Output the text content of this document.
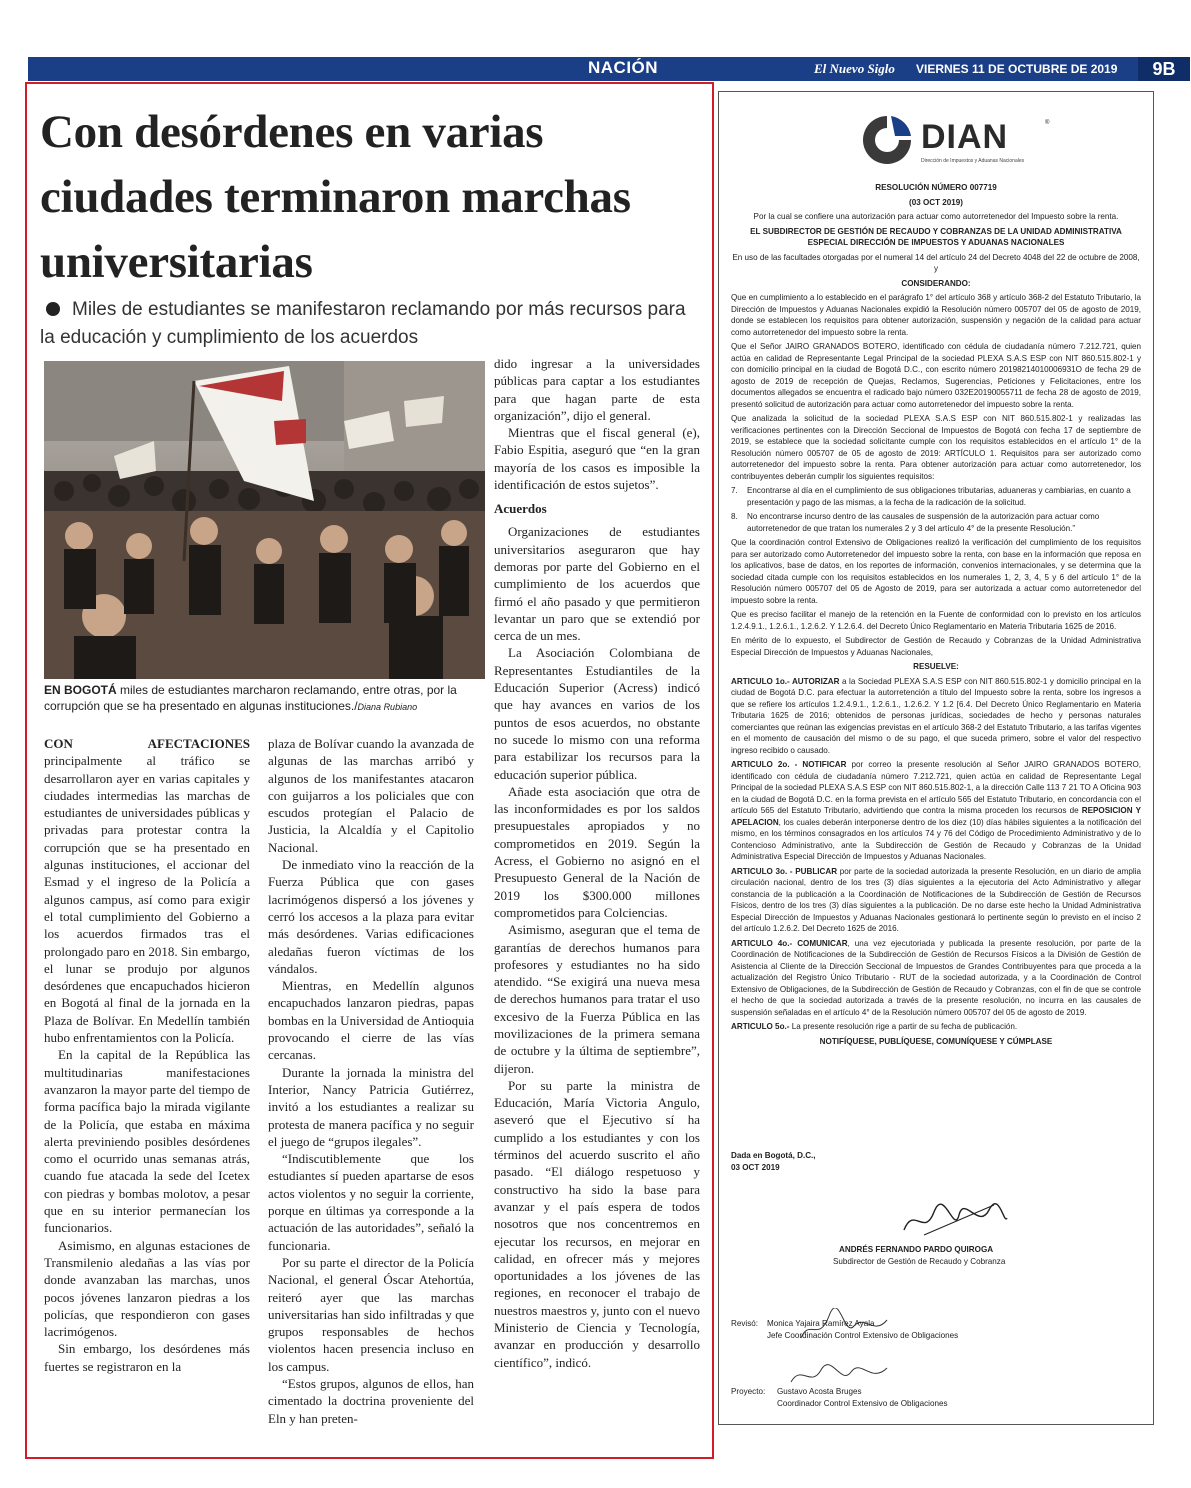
NACIÓN	El Nuevo Siglo VIERNES 11 DE OCTUBRE DE 2019	9B
Con desórdenes en varias ciudades terminaron marchas universitarias
Miles de estudiantes se manifestaron reclamando por más recursos para la educación y cumplimiento de los acuerdos
EN BOGOTÁ miles de estudiantes marcharon reclamando, entre otras, por la corrupción que se ha presentado en algunas instituciones./Diana Rubiano

CON AFECTACIONES principalmente al tráfico se desarrollaron ayer en varias capitales y ciudades intermedias las marchas de estudiantes de universidades públicas y privadas para protestar contra la corrupción que se ha presentado en algunas instituciones, el accionar del Esmad y el ingreso de la Policía a algunos campus, así como para exigir el total cumplimiento del Gobierno a los acuerdos firmados tras el prolongado paro en 2018. Sin embargo, el lunar se produjo por algunos desórdenes que encapuchados hicieron en Bogotá al final de la jornada en la Plaza de Bolívar. En Medellín también hubo enfrentamientos con la Policía.

En la capital de la República las multitudinarias manifestaciones avanzaron la mayor parte del tiempo de forma pacífica bajo la mirada vigilante de la Policía, que estaba en máxima alerta previniendo posibles desórdenes como el ocurrido unas semanas atrás, cuando fue atacada la sede del Icetex con piedras y bombas molotov, a pesar que en su interior permanecían los funcionarios.

Asimismo, en algunas estaciones de Transmilenio aledañas a las vías por donde avanzaban las marchas, unos pocos jóvenes lanzaron piedras a los policías, que respondieron con gases lacrimógenos.

Sin embargo, los desórdenes más fuertes se registraron en la

plaza de Bolívar cuando la avanzada de algunas de las marchas arribó y algunos de los manifestantes atacaron con guijarros a los policiales que con escudos protegían el Palacio de Justicia, la Alcaldía y el Capitolio Nacional.

De inmediato vino la reacción de la Fuerza Pública que con gases lacrimógenos dispersó a los jóvenes y cerró los accesos a la plaza para evitar más desórdenes. Varias edificaciones aledañas fueron víctimas de los vándalos.

Mientras, en Medellín algunos encapuchados lanzaron piedras, papas bombas en la Universidad de Antioquia provocando el cierre de las vías cercanas.

Durante la jornada la ministra del Interior, Nancy Patricia Gutiérrez, invitó a los estudiantes a realizar su protesta de manera pacífica y no seguir el juego de “grupos ilegales”.

“Indiscutiblemente que los estudiantes sí pueden apartarse de esos actos violentos y no seguir la corriente, porque en últimas ya corresponde a la actuación de las autoridades”, señaló la funcionaria.

Por su parte el director de la Policía Nacional, el general Óscar Atehortúa, reiteró ayer que las marchas universitarias han sido infiltradas y que grupos responsables de hechos violentos hacen presencia incluso en los campus.

“Estos grupos, algunos de ellos, han cimentado la doctrina proveniente del Eln y han preten-

dido ingresar a la universidades públicas para captar a los estudiantes para que hagan parte de esta organización”, dijo el general.

Mientras que el fiscal general (e), Fabio Espitia, aseguró que “en la gran mayoría de los casos es imposible la identificación de estos sujetos”.

Acuerdos

Organizaciones de estudiantes universitarios aseguraron que hay demoras por parte del Gobierno en el cumplimiento de los acuerdos que firmó el año pasado y que permitieron levantar un paro que se extendió por cerca de un mes.

La Asociación Colombiana de Representantes Estudiantiles de la Educación Superior (Acress) indicó que hay avances en varios de los puntos de esos acuerdos, no obstante no sucede lo mismo con una reforma para estabilizar los recursos para la educación superior pública.

Añade esta asociación que otra de las inconformidades es por los saldos presupuestales apropiados y no comprometidos en 2019. Según la Acress, el Gobierno no asignó en el Presupuesto General de la Nación de 2019 los $300.000 millones comprometidos para Colciencias.

Asimismo, aseguran que el tema de garantías de derechos humanos para profesores y estudiantes no ha sido atendido. “Se exigirá una nueva mesa de derechos humanos para tratar el uso excesivo de la Fuerza Pública en las movilizaciones de la primera semana de octubre y la última de septiembre”, dijeron.

Por su parte la ministra de Educación, María Victoria Angulo, aseveró que el Ejecutivo sí ha cumplido a los estudiantes y con los términos del acuerdo suscrito el año pasado. “El diálogo respetuoso y constructivo ha sido la base para avanzar y el país espera de todos nosotros que nos concentremos en ejecutar los recursos, en mejorar en calidad, en ofrecer más y mejores oportunidades a los jóvenes de las regiones, en reconocer el trabajo de nuestros maestros y, junto con el nuevo Ministerio de Ciencia y Tecnología, avanzar en producción y desarrollo científico”, indicó.

DIAN	®
Dirección de Impuestos y Aduanas Nacionales
RESOLUCIÓN NÚMERO 007719
(03 OCT 2019)
Por la cual se confiere una autorización para actuar como autorretenedor del Impuesto sobre la renta.
EL SUBDIRECTOR DE GESTIÓN DE RECAUDO Y COBRANZAS DE LA UNIDAD ADMINISTRATIVA ESPECIAL DIRECCIÓN DE IMPUESTOS Y ADUANAS NACIONALES
En uso de las facultades otorgadas por el numeral 14 del artículo 24 del Decreto 4048 del 22 de octubre de 2008, y
CONSIDERANDO:

Que en cumplimiento a lo establecido en el parágrafo 1° del artículo 368 y artículo 368-2 del Estatuto Tributario, la Dirección de Impuestos y Aduanas Nacionales expidió la Resolución número 005707 del 05 de agosto de 2019, donde se establecen los requisitos para obtener autorización, suspensión y negación de la calidad para actuar como autorretenedor del impuesto sobre la renta.

Que el Señor JAIRO GRANADOS BOTERO, identificado con cédula de ciudadanía número 7.212.721, quien actúa en calidad de Representante Legal Principal de la sociedad PLEXA S.A.S ESP con NIT 860.515.802-1 y con domicilio principal en la ciudad de Bogotá D.C., con escrito número 20198214010006931O de fecha 29 de agosto de 2019 de recepción de Quejas, Reclamos, Sugerencias, Peticiones y Felicitaciones, entre los documentos allegados se encuentra el radicado bajo número 032E20190055711 de fecha 28 de agosto de 2019, presentó solicitud de autorización para actuar como autorretenedor del impuesto sobre la renta.

Que analizada la solicitud de la sociedad PLEXA S.A.S ESP con NIT 860.515.802-1 y realizadas las verificaciones pertinentes con la Dirección Seccional de Impuestos de Bogotá con fecha 17 de septiembre de 2019, se establece que la sociedad solicitante cumple con los requisitos establecidos en el artículo 1° de la Resolución número 005707 de 05 de agosto de 2019: ARTÍCULO 1. Requisitos para ser autorizado como autorretenedor del impuesto sobre la renta. Para obtener autorización para actuar como autorretenedor, los contribuyentes deberán cumplir los siguientes requisitos:

7. Encontrarse al día en el cumplimiento de sus obligaciones tributarias, aduaneras y cambiarias, en cuanto a presentación y pago de las mismas, a la fecha de la radicación de la solicitud.
8. No encontrarse incurso dentro de las causales de suspensión de la autorización para actuar como autorretenedor de que tratan los numerales 2 y 3 del artículo 4° de la presente Resolución.”

Que la coordinación control Extensivo de Obligaciones realizó la verificación del cumplimiento de los requisitos para ser autorizado como Autorretenedor del impuesto sobre la renta, con base en la información que reposa en los aplicativos, base de datos, en los reportes de información, convenios internacionales, y se determina que la sociedad citada cumple con los requisitos establecidos en los numerales 1, 2, 3, 4, 5 y 6 del artículo 1° de la Resolución número 005707 del 05 de Agosto de 2019, para ser autorizada a actuar como autorretenedor del impuesto sobre la renta.

Que es preciso facilitar el manejo de la retención en la Fuente de conformidad con lo previsto en los artículos 1.2.4.9.1., 1.2.6.1., 1.2.6.2. Y 1.2.6.4. del Decreto Único Reglamentario en Materia Tributaria 1625 de 2016.

En mérito de lo expuesto, el Subdirector de Gestión de Recaudo y Cobranzas de la Unidad Administrativa Especial Dirección de Impuestos y Aduanas Nacionales,

RESUELVE:

ARTICULO 1o.- AUTORIZAR a la Sociedad PLEXA S.A.S ESP con NIT 860.515.802-1 y domicilio principal en la ciudad de Bogotá D.C. para efectuar la autorretención a título del Impuesto sobre la renta, sobre los ingresos a que se refiere los artículos 1.2.4.9.1., 1.2.6.1., 1.2.6.2. Y 1.2 [6.4. Del Decreto Único Reglamentario en Materia Tributaria 1625 de 2016; obtenidos de personas jurídicas, sociedades de hecho y personas naturales comerciantes que reúnan las exigencias previstas en el artículo 368-2 del Estatuto Tributario, a las tarifas vigentes en el momento de causación del mismo o de su pago, el que suceda primero, sobre el valor del respectivo ingreso recibido o causado.

ARTICULO 2o. - NOTIFICAR por correo la presente resolución al Señor JAIRO GRANADOS BOTERO, identificado con cédula de ciudadanía número 7.212.721, quien actúa en calidad de Representante Legal Principal de la sociedad PLEXA S.A.S ESP con NIT 860.515.802-1, a la dirección Calle 113 7 21 TO A Oficina 903 en la ciudad de Bogotá D.C. en la forma prevista en el artículo 565 del Estatuto Tributario, en concordancia con el artículo 565 del Estatuto Tributario, advirtiendo que contra la misma proceden los recursos de REPOSICION Y APELACION, los cuales deberán interponerse dentro de los diez (10) días hábiles siguientes a la notificación del mismo, en los términos consagrados en los artículos 74 y 76 del Código de Procedimiento Administrativo y de lo Contencioso Administrativo, ante la Subdirección de Gestión de Recaudo y Cobranzas de la Unidad Administrativa Especial Dirección de Impuestos y Aduanas Nacionales.

ARTICULO 3o. - PUBLICAR por parte de la sociedad autorizada la presente Resolución, en un diario de amplia circulación nacional, dentro de los tres (3) días siguientes a la ejecutoria del Acto Administrativo y allegar constancia de la publicación a la Coordinación de Notificaciones de la Subdirección de Gestión de Recursos Físicos, dentro de los tres (3) días siguientes a la publicación. De no darse este hecho la Unidad Administrativa Especial Dirección de Impuestos y Aduanas Nacionales gestionará lo pertinente según lo previsto en el inciso 2 del artículo 1.2.6.2. Del Decreto 1625 de 2016.

ARTICULO 4o.- COMUNICAR, una vez ejecutoriada y publicada la presente resolución, por parte de la Coordinación de Notificaciones de la Subdirección de Gestión de Recursos Físicos a la División de Gestión de Asistencia al Cliente de la Dirección Seccional de Impuestos de Grandes Contribuyentes para que proceda a la actualización del Registro Único Tributario - RUT de la sociedad autorizada, y a la Coordinación de Control Extensivo de Obligaciones, de la Subdirección de Gestión de Recaudo y Cobranzas, con el fin de que se controle el hecho de que la sociedad autorizada a través de la presente resolución, no incurra en las causales de suspensión señaladas en el artículo 4° de la Resolución número 005707 del 05 de agosto de 2019.

ARTICULO 5o.- La presente resolución rige a partir de su fecha de publicación.

NOTIFÍQUESE, PUBLÍQUESE, COMUNÍQUESE Y CÚMPLASE
Dada en Bogotá, D.C.,
03 OCT 2019
ANDRÉS FERNANDO PARDO QUIROGA
Subdirector de Gestión de Recaudo y Cobranza
Revisó: Monica Yajaira Ramírez Ayala
Jefe Coordinación Control Extensivo de Obligaciones
Proyecto: Gustavo Acosta Bruges
Coordinador Control Extensivo de Obligaciones
